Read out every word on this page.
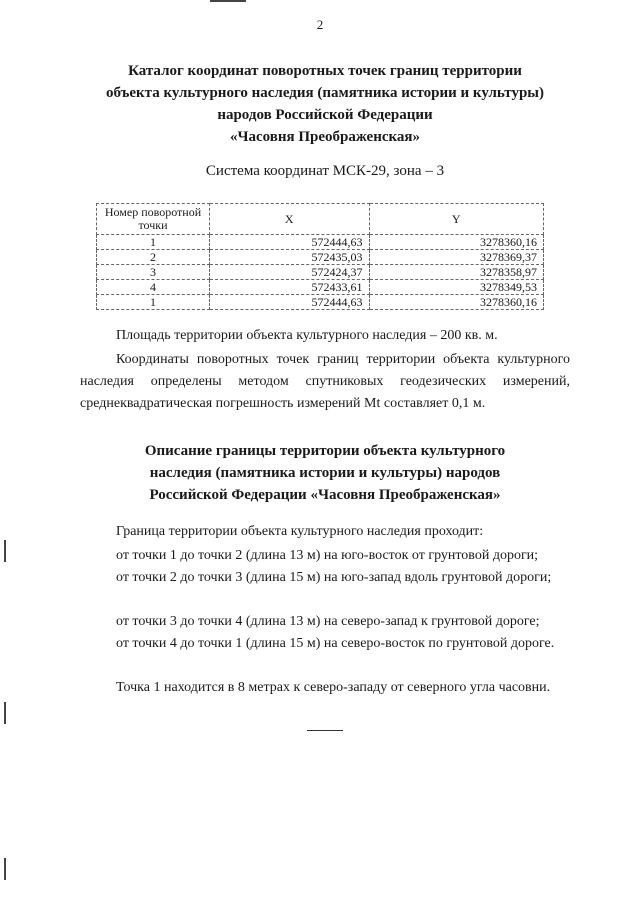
2
Каталог координат поворотных точек границ территории
объекта культурного наследия (памятника истории и культуры)
народов Российской Федерации
«Часовня Преображенская»
Система координат МСК-29, зона – 3
Номер поворотной точки	X	Y
1	572444,63	3278360,16
2	572435,03	3278369,37
3	572424,37	3278358,97
4	572433,61	3278349,53
1	572444,63	3278360,16
Площадь территории объекта культурного наследия – 200 кв. м.
Координаты поворотных точек границ территории объекта культурного наследия определены методом спутниковых геодезических измерений, среднеквадратическая погрешность измерений Mt составляет 0,1 м.
Описание границы территории объекта культурного
наследия (памятника истории и культуры) народов
Российской Федерации «Часовня Преображенская»
Граница территории объекта культурного наследия проходит:
от точки 1 до точки 2 (длина 13 м) на юго-восток от грунтовой дороги;
от точки 2 до точки 3 (длина 15 м) на юго-запад вдоль грунтовой дороги;
от точки 3 до точки 4 (длина 13 м) на северо-запад к грунтовой дороге;
от точки 4 до точки 1 (длина 15 м) на северо-восток по грунтовой дороге.
Точка 1 находится в 8 метрах к северо-западу от северного угла часовни.
